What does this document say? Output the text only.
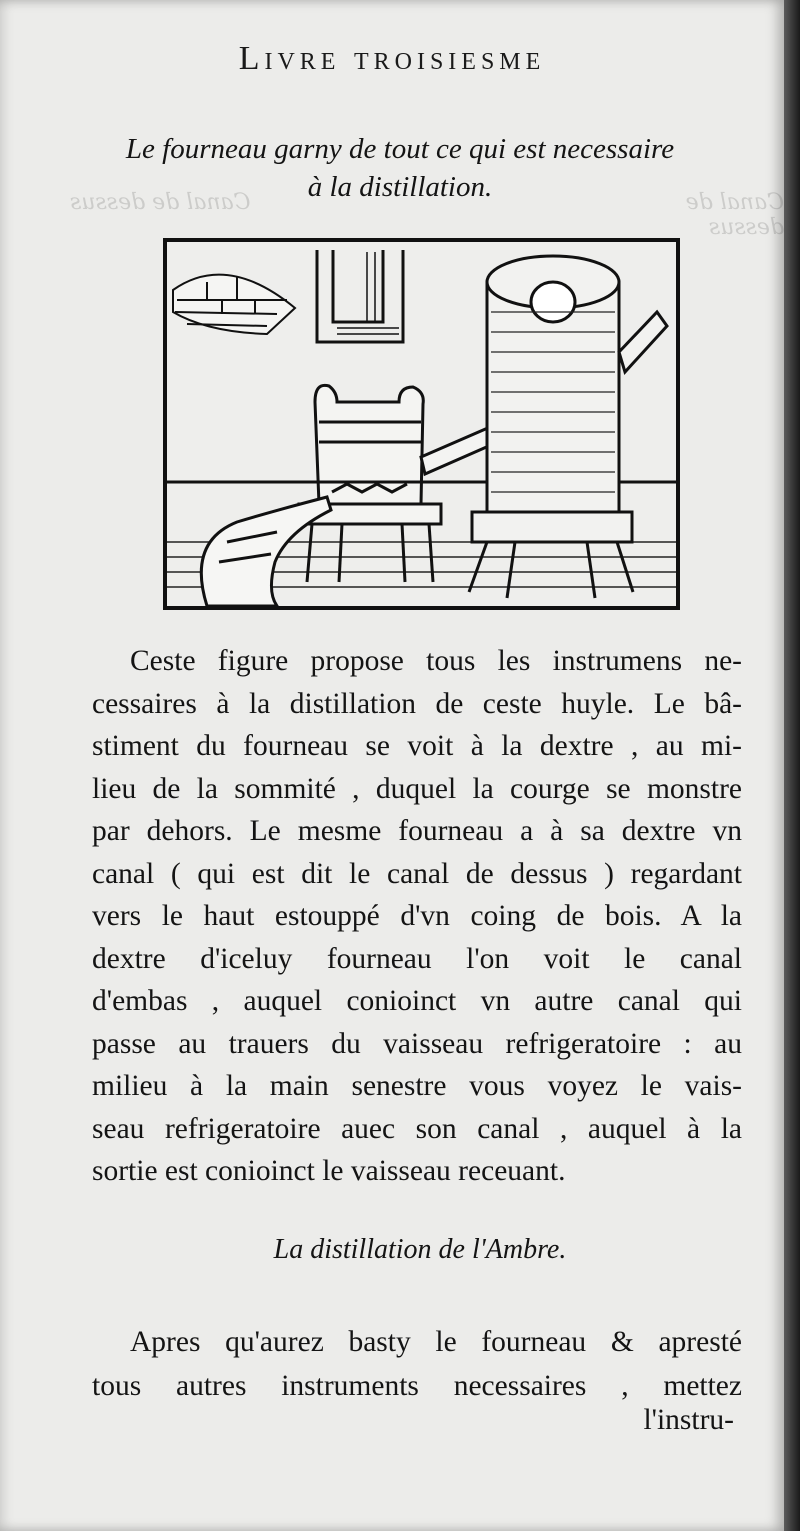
Canal de dessus	Canal de dessus
Livre troisiesme
Le fourneau garny de tout ce qui est necessaire
à la distillation.
Ceste figure propose tous les instrumens ne-
cessaires à la distillation de ceste huyle. Le bâ-
stiment du fourneau se voit à la dextre , au mi-
lieu de la sommité , duquel la courge se monstre
par dehors. Le mesme fourneau a à sa dextre vn
canal ( qui est dit le canal de dessus ) regardant
vers le haut estouppé d'vn coing de bois. A la
dextre d'iceluy fourneau l'on voit le canal
d'embas , auquel conioinct vn autre canal qui
passe au trauers du vaisseau refrigeratoire : au
milieu à la main senestre vous voyez le vais-
seau refrigeratoire auec son canal , auquel à la
sortie est conioinct le vaisseau receuant.
La distillation de l'Ambre.
Apres qu'aurez basty le fourneau & apresté
tous autres instruments necessaires , mettez
l'instru-
